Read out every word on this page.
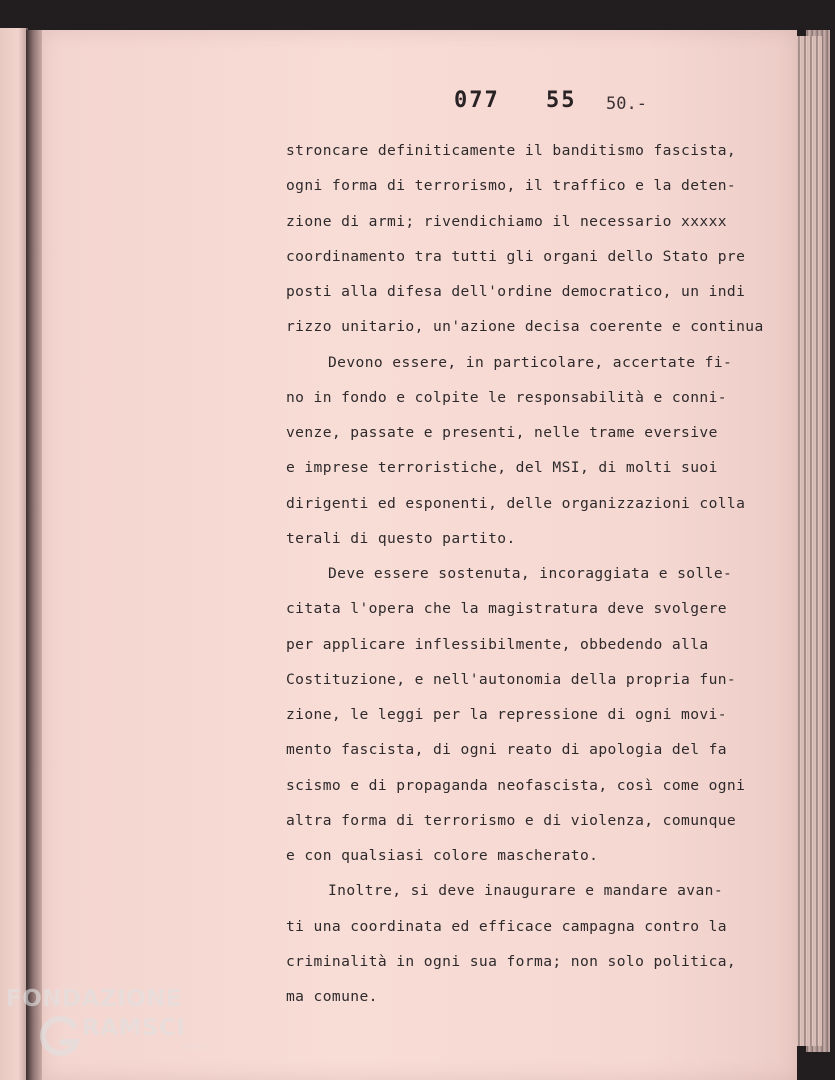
077 55 50.-
stroncare definiticamente il banditismo fascista,
ogni forma di terrorismo, il traffico e la deten-
zione di armi; rivendichiamo il necessario xxxxx
coordinamento tra tutti gli organi dello Stato pre
posti alla difesa dell'ordine democratico, un indi
rizzo unitario, un'azione decisa coerente e continua
Devono essere, in particolare, accertate fi-
no in fondo e colpite le responsabilità e conni-
venze, passate e presenti, nelle trame eversive
e imprese terroristiche, del MSI, di molti suoi
dirigenti ed esponenti, delle organizzazioni colla
terali di questo partito.
Deve essere sostenuta, incoraggiata e solle-
citata l'opera che la magistratura deve svolgere
per applicare inflessibilmente, obbedendo alla
Costituzione, e nell'autonomia della propria fun-
zione, le leggi per la repressione di ogni movi-
mento fascista, di ogni reato di apologia del fa
scismo e di propaganda neofascista, così come ogni
altra forma di terrorismo e di violenza, comunque
e con qualsiasi colore mascherato.
Inoltre, si deve inaugurare e mandare avan-
ti una coordinata ed efficace campagna contro la
criminalità in ogni sua forma; non solo politica,
ma comune.
FONDAZIONE
RAMSCI
onlus
